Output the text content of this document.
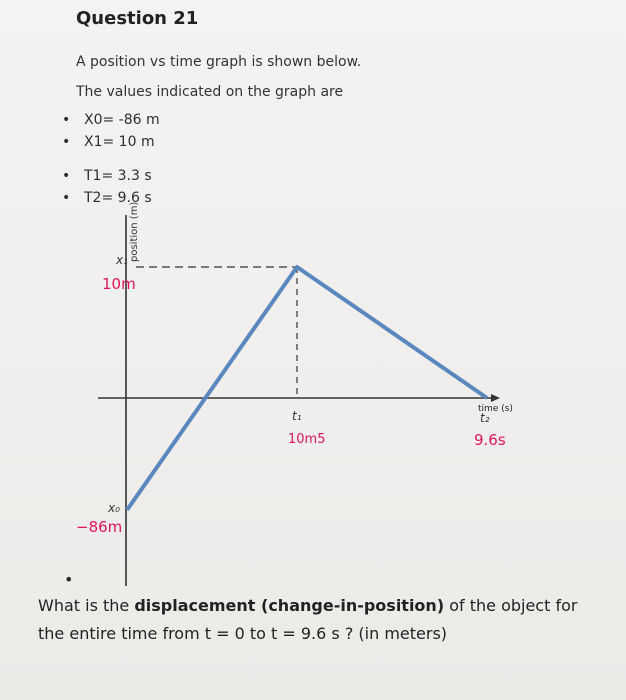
Question 21
A position vs time graph is shown below.
The values indicated on the graph are
• X0= -86 m
• X1= 10 m
• T1= 3.3 s
• T2= 9.6 s
position (m)
x₁
x₀
t₁	time (s)
t₂
10m
−86m
10m5	9.6s
•
What is the displacement (change-in-position) of the object for the entire time from t = 0 to t = 9.6 s ? (in meters)
